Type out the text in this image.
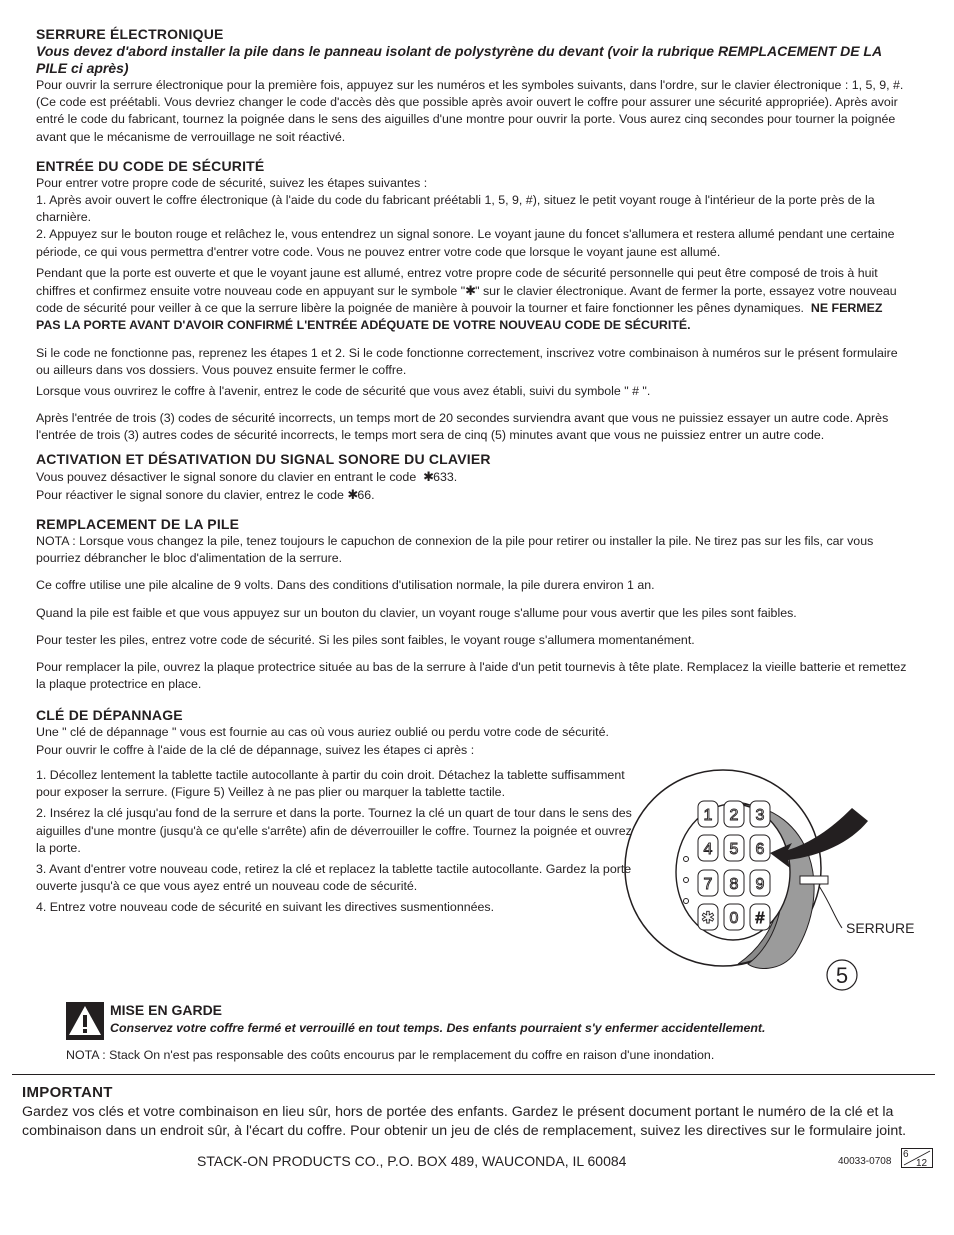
SERRURE ÉLECTRONIQUE

Vous devez d'abord installer la pile dans le panneau isolant de polystyrène du devant (voir la rubrique REMPLACEMENT DE LA PILE ci après)

Pour ouvrir la serrure électronique pour la première fois, appuyez sur les numéros et les symboles suivants, dans l'ordre, sur le clavier électronique : 1, 5, 9, #. (Ce code est préétabli. Vous devriez changer le code d'accès dès que possible après avoir ouvert le coffre pour assurer une sécurité appropriée). Après avoir entré le code du fabricant, tournez la poignée dans le sens des aiguilles d'une montre pour ouvrir la porte. Vous aurez cinq secondes pour tourner la poignée avant que le mécanisme de verrouillage ne soit réactivé.

ENTRÉE DU CODE DE SÉCURITÉ

Pour entrer votre propre code de sécurité, suivez les étapes suivantes :

1. Après avoir ouvert le coffre électronique (à l'aide du code du fabricant préétabli 1, 5, 9, #), situez le petit voyant rouge à l'intérieur de la porte près de la charnière.

2. Appuyez sur le bouton rouge et relâchez le, vous entendrez un signal sonore. Le voyant jaune du foncet s'allumera et restera allumé pendant une certaine période, ce qui vous permettra d'entrer votre code. Vous ne pouvez entrer votre code que lorsque le voyant jaune est allumé.

Pendant que la porte est ouverte et que le voyant jaune est allumé, entrez votre propre code de sécurité personnelle qui peut être composé de trois à huit chiffres et confirmez ensuite votre nouveau code en appuyant sur le symbole "✱" sur le clavier électronique. Avant de fermer la porte, essayez votre nouveau code de sécurité pour veiller à ce que la serrure libère la poignée de manière à pouvoir la tourner et faire fonctionner les pênes dynamiques. NE FERMEZ PAS LA PORTE AVANT D'AVOIR CONFIRMÉ L'ENTRÉE ADÉQUATE DE VOTRE NOUVEAU CODE DE SÉCURITÉ.

Si le code ne fonctionne pas, reprenez les étapes 1 et 2. Si le code fonctionne correctement, inscrivez votre combinaison à numéros sur le présent formulaire ou ailleurs dans vos dossiers. Vous pouvez ensuite fermer le coffre.

Lorsque vous ouvrirez le coffre à l'avenir, entrez le code de sécurité que vous avez établi, suivi du symbole " # ".

Après l'entrée de trois (3) codes de sécurité incorrects, un temps mort de 20 secondes surviendra avant que vous ne puissiez essayer un autre code. Après l'entrée de trois (3) autres codes de sécurité incorrects, le temps mort sera de cinq (5) minutes avant que vous ne puissiez entrer un autre code.

ACTIVATION ET DÉSATIVATION DU SIGNAL SONORE DU CLAVIER

Vous pouvez désactiver le signal sonore du clavier en entrant le code ✱633.

Pour réactiver le signal sonore du clavier, entrez le code ✱66.

REMPLACEMENT DE LA PILE

NOTA : Lorsque vous changez la pile, tenez toujours le capuchon de connexion de la pile pour retirer ou installer la pile. Ne tirez pas sur les fils, car vous pourriez débrancher le bloc d'alimentation de la serrure.

Ce coffre utilise une pile alcaline de 9 volts. Dans des conditions d'utilisation normale, la pile durera environ 1 an.

Quand la pile est faible et que vous appuyez sur un bouton du clavier, un voyant rouge s'allume pour vous avertir que les piles sont faibles.

Pour tester les piles, entrez votre code de sécurité. Si les piles sont faibles, le voyant rouge s'allumera momentanément.

Pour remplacer la pile, ouvrez la plaque protectrice située au bas de la serrure à l'aide d'un petit tournevis à tête plate. Remplacez la vieille batterie et remettez la plaque protectrice en place.

CLÉ DE DÉPANNAGE

Une " clé de dépannage " vous est fournie au cas où vous auriez oublié ou perdu votre code de sécurité. Pour ouvrir le coffre à l'aide de la clé de dépannage, suivez les étapes ci après :

1. Décollez lentement la tablette tactile autocollante à partir du coin droit. Détachez la tablette suffisamment pour exposer la serrure. (Figure 5) Veillez à ne pas plier ou marquer la tablette tactile.

2. Insérez la clé jusqu'au fond de la serrure et dans la porte. Tournez la clé un quart de tour dans le sens des aiguilles d'une montre (jusqu'à ce qu'elle s'arrête) afin de déverrouiller le coffre. Tournez la poignée et ouvrez la porte.

3. Avant d'entrer votre nouveau code, retirez la clé et replacez la tablette tactile autocollante. Gardez la porte ouverte jusqu'à ce que vous ayez entré un nouveau code de sécurité.

4. Entrez votre nouveau code de sécurité en suivant les directives susmentionnées.

1 2 3
4 5 6
7 8 9
✱ 0 #
SERRURE
5
MISE EN GARDE
Conservez votre coffre fermé et verrouillé en tout temps. Des enfants pourraient s'y enfermer accidentellement.
NOTA : Stack On n'est pas responsable des coûts encourus par le remplacement du coffre en raison d'une inondation.
IMPORTANT
Gardez vos clés et votre combinaison en lieu sûr, hors de portée des enfants. Gardez le présent document portant le numéro de la clé et la combinaison dans un endroit sûr, à l'écart du coffre. Pour obtenir un jeu de clés de remplacement, suivez les directives sur le formulaire joint.
STACK-ON PRODUCTS CO., P.O. BOX 489, WAUCONDA, IL 60084	40033-0708
6
12
